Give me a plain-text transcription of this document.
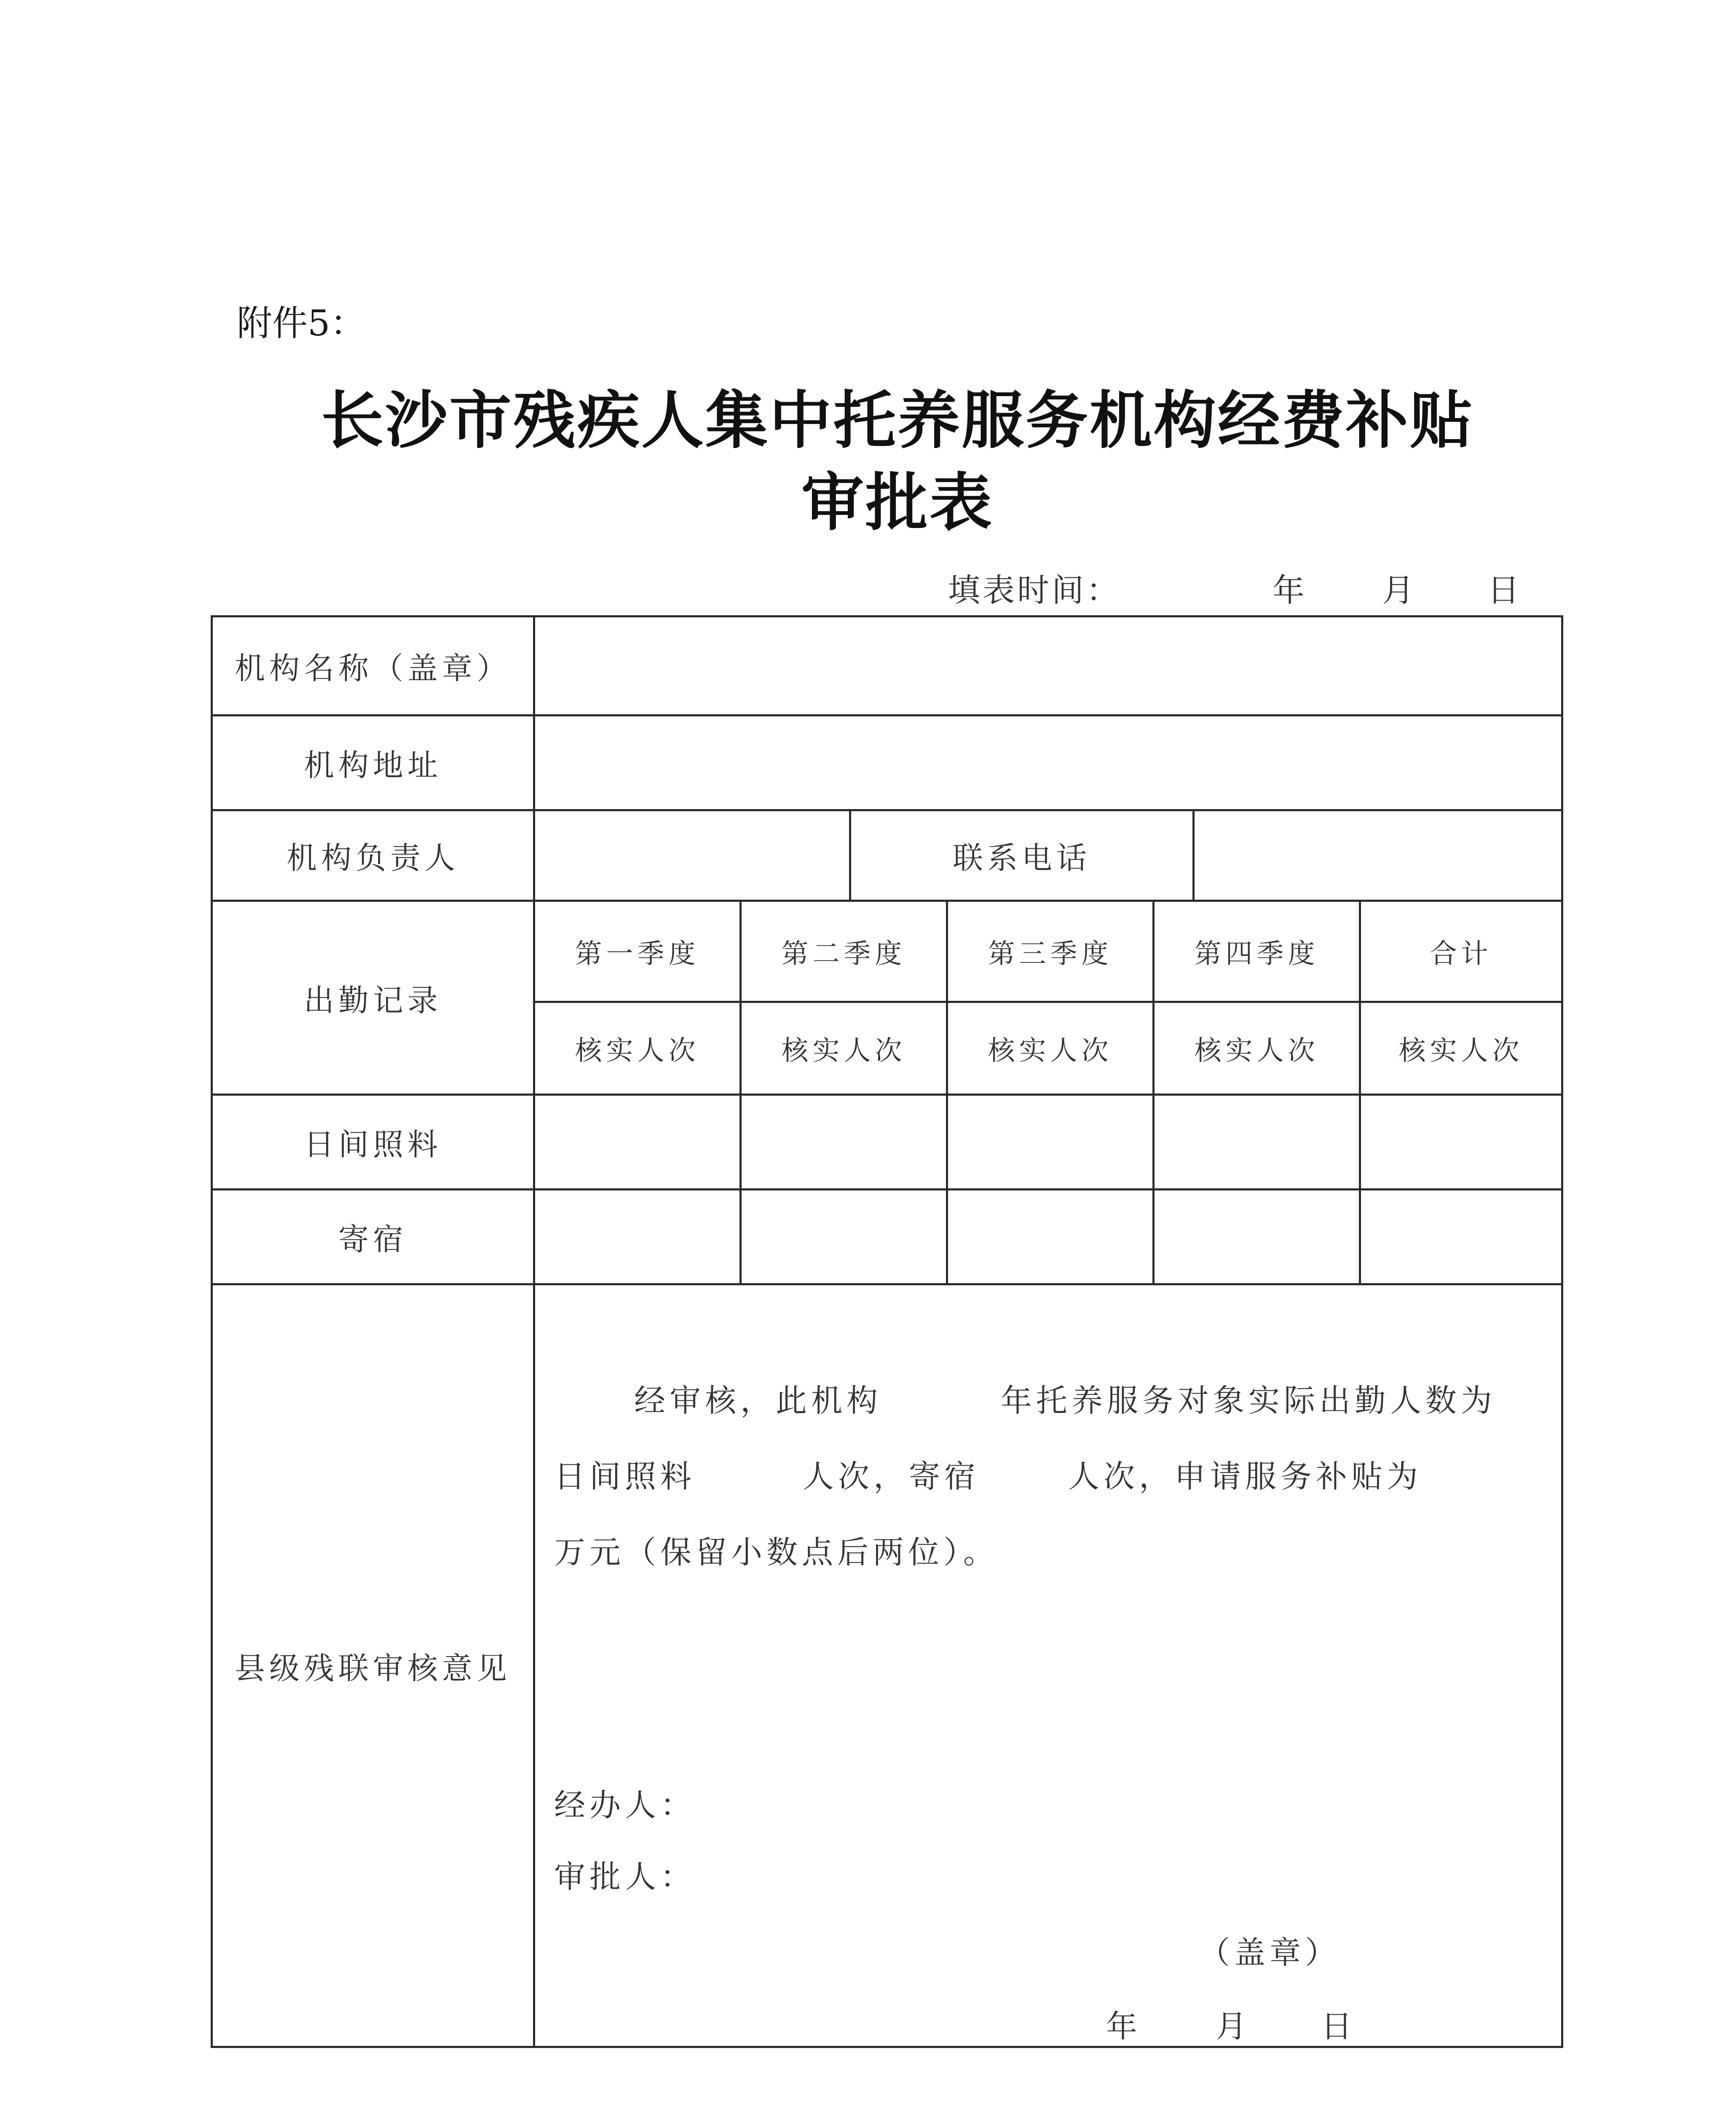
附件5：
长沙市残疾人集中托养服务机构经费补贴
审批表
填表时间：	年 月 日
机构名称（盖章）
机构地址
机构负责人	联系电话
出勤记录
第一季度	第二季度	第三季度	第四季度	合计
核实人次	核实人次	核实人次	核实人次	核实人次
日间照料
寄宿
县级残联审核意见
经审核，此机构	年托养服务对象实际出勤人数为
日间照料	人次，寄宿	人次，申请服务补贴为
万元（保留小数点后两位）。
经办人：
审批人：
（盖章）
年 月 日
